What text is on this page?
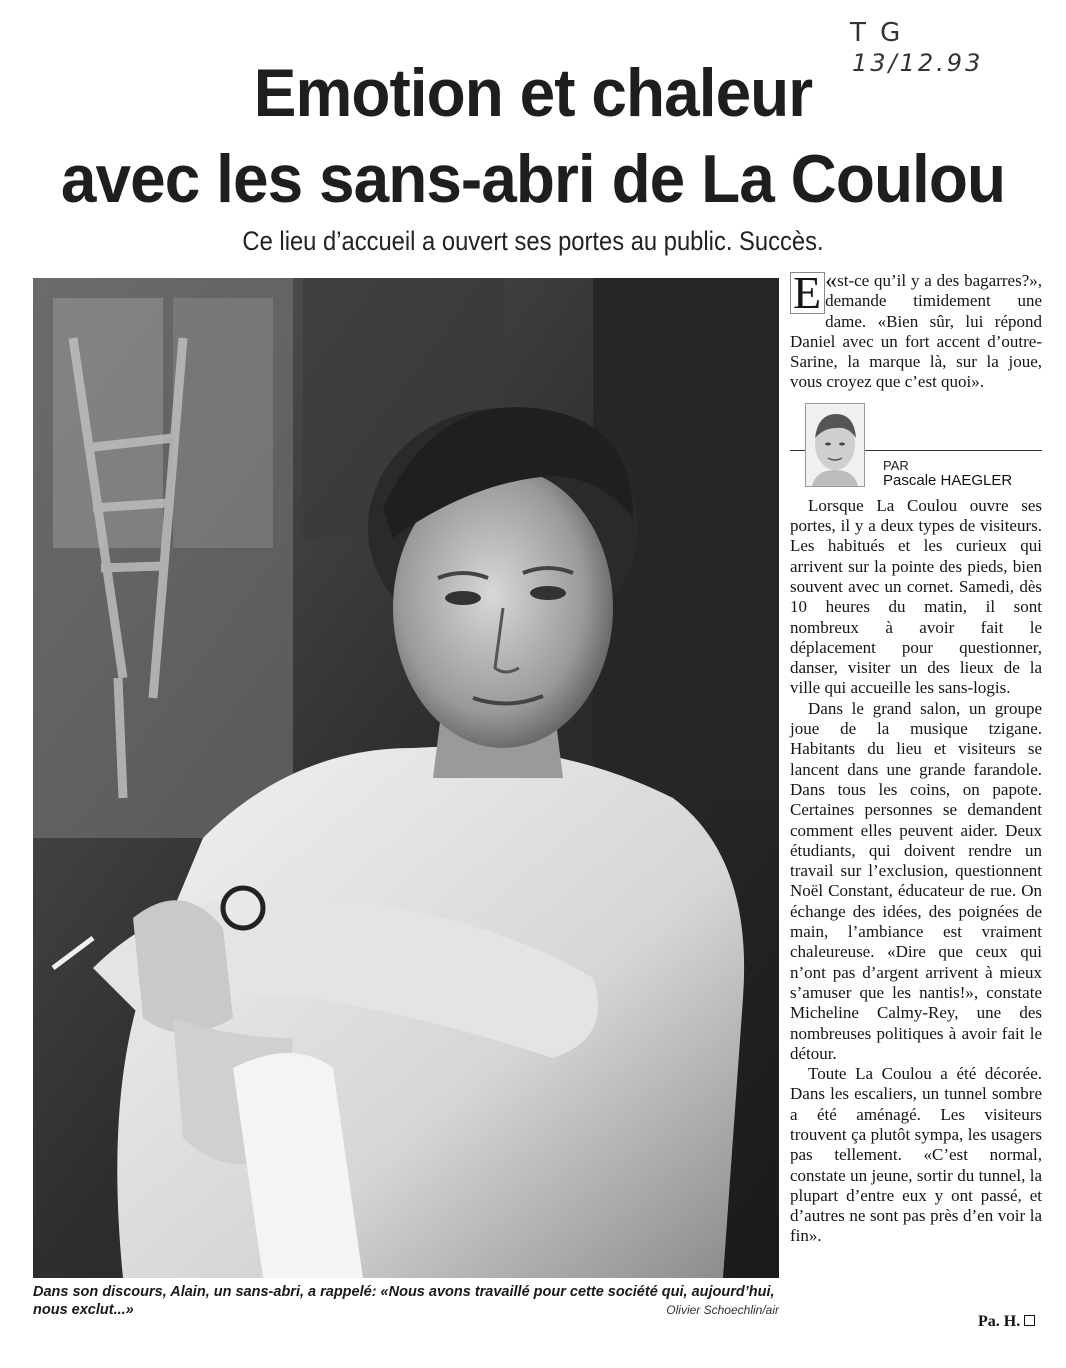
T G
13/12.93
Emotion et chaleur
avec les sans-abri de La Coulou
Ce lieu d’accueil a ouvert ses portes au public. Succès.
Dans son discours, Alain, un sans-abri, a rappelé: «Nous avons travaillé pour cette société qui, aujourd’hui, nous exclut...»	Olivier Schoechlin/air

«
E st-ce qu’il y a des bagarres?», demande timidement une dame. «Bien sûr, lui répond Daniel avec un fort accent d’outre-Sarine, la marque là, sur la joue, vous croyez que c’est quoi».

PAR
Pascale HAEGLER

Lorsque La Coulou ouvre ses portes, il y a deux types de visiteurs. Les habitués et les curieux qui arrivent sur la pointe des pieds, bien souvent avec un cornet. Samedi, dès 10 heures du matin, il sont nombreux à avoir fait le déplacement pour questionner, danser, visiter un des lieux de la ville qui accueille les sans-logis.

Dans le grand salon, un groupe joue de la musique tzigane. Habitants du lieu et visiteurs se lancent dans une grande farandole. Dans tous les coins, on papote. Certaines personnes se demandent comment elles peuvent aider. Deux étudiants, qui doivent rendre un travail sur l’exclusion, questionnent Noël Constant, éducateur de rue. On échange des idées, des poignées de main, l’ambiance est vraiment chaleureuse. «Dire que ceux qui n’ont pas d’argent arrivent à mieux s’amuser que les nantis!», constate Micheline Calmy-Rey, une des nombreuses politiques à avoir fait le détour.

Toute La Coulou a été décorée. Dans les escaliers, un tunnel sombre a été aménagé. Les visiteurs trouvent ça plutôt sympa, les usagers pas tellement. «C’est normal, constate un jeune, sortir du tunnel, la plupart d’entre eux y ont passé, et d’autres ne sont pas près d’en voir la fin».

Pa. H.
